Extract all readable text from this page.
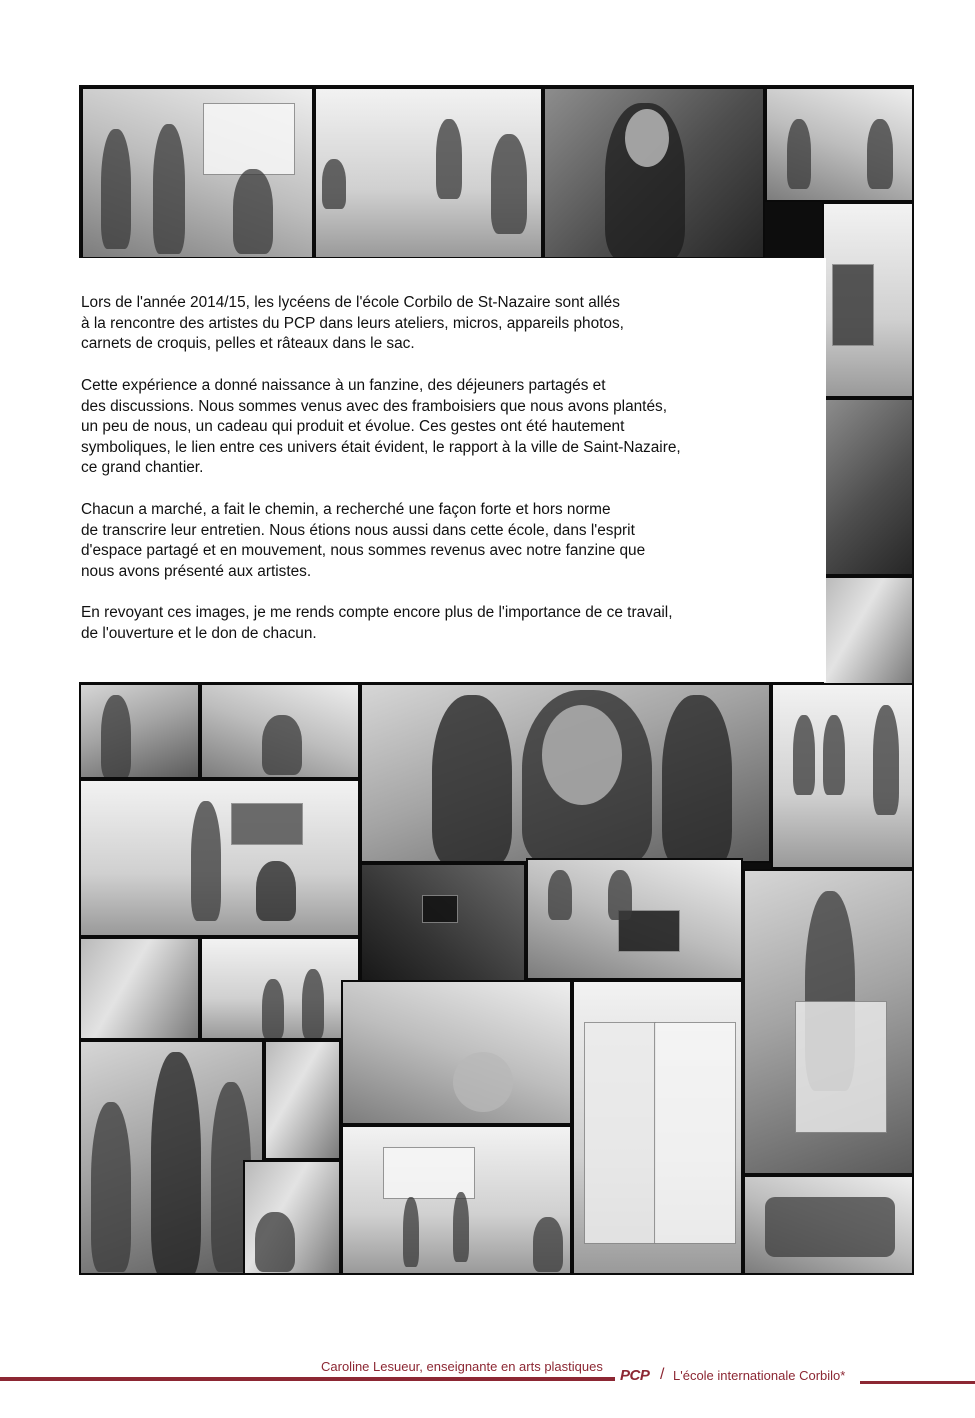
Lors de l'année 2014/15, les lycéens de l'école Corbilo de St-Nazaire sont allés
à la rencontre des artistes du PCP dans leurs ateliers, micros, appareils photos,
carnets de croquis, pelles et râteaux dans le sac.

Cette expérience a donné naissance à un fanzine, des déjeuners partagés et
des discussions. Nous sommes venus avec des framboisiers que nous avons plantés,
un peu de nous, un cadeau qui produit et évolue. Ces gestes ont été hautement
symboliques, le lien entre ces univers était évident, le rapport à la ville de Saint-Nazaire,
ce grand chantier.

Chacun a marché, a fait le chemin, a recherché une façon forte et hors norme
de transcrire leur entretien. Nous étions nous aussi dans cette école, dans l'esprit
d'espace partagé et en mouvement, nous sommes revenus avec notre fanzine que
nous avons présenté aux artistes.

En revoyant ces images, je me rends compte encore plus de l'importance de ce travail,
de l'ouverture et le don de chacun.

Caroline Lesueur, enseignante en arts plastiques
PCP / L'école internationale Corbilo*
